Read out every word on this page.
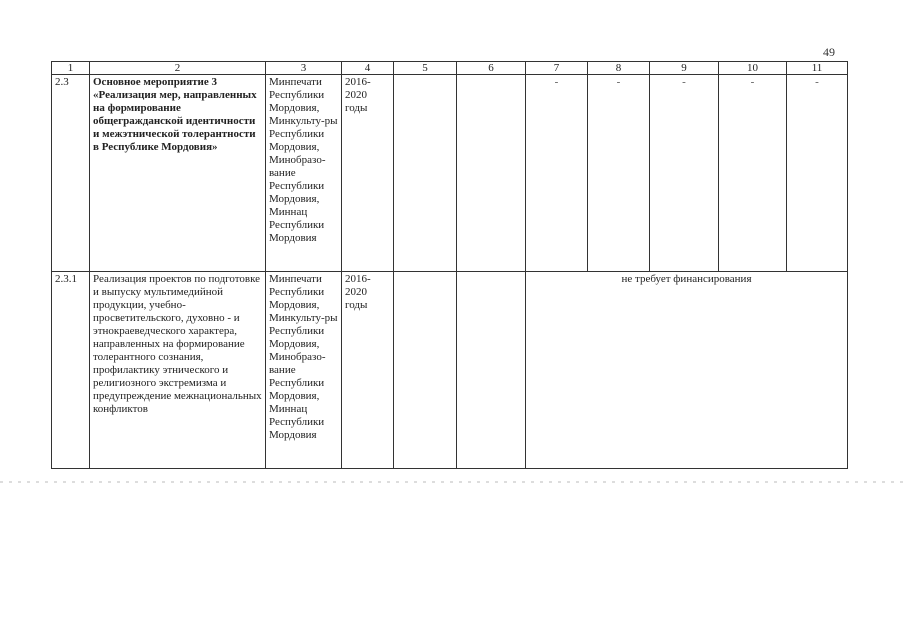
49
1	2	3	4	5	6	7	8	9	10	11
2.3	Основное мероприятие 3 «Реализация мер, направленных на формирование общегражданской идентичности и межэтнической толерантности в Республике Мордовия»	Минпечати Республики Мордовия, Минкульту-ры Республики Мордовия, Минобразо-вание Республики Мордовия, Миннац Республики Мордовия	2016-2020 годы			-	-	-	-	-
2.3.1	Реализация проектов по подготовке и выпуску мультимедийной продукции, учебно-просветительского, духовно - и этнокраеведческого характера, направленных на формирование толерантного сознания, профилактику этнического и религиозного экстремизма и предупреждение межнациональных конфликтов	Минпечати Республики Мордовия, Минкульту-ры Республики Мордовия, Минобразо-вание Республики Мордовия, Миннац Республики Мордовия	2016-2020 годы			не требует финансирования				
